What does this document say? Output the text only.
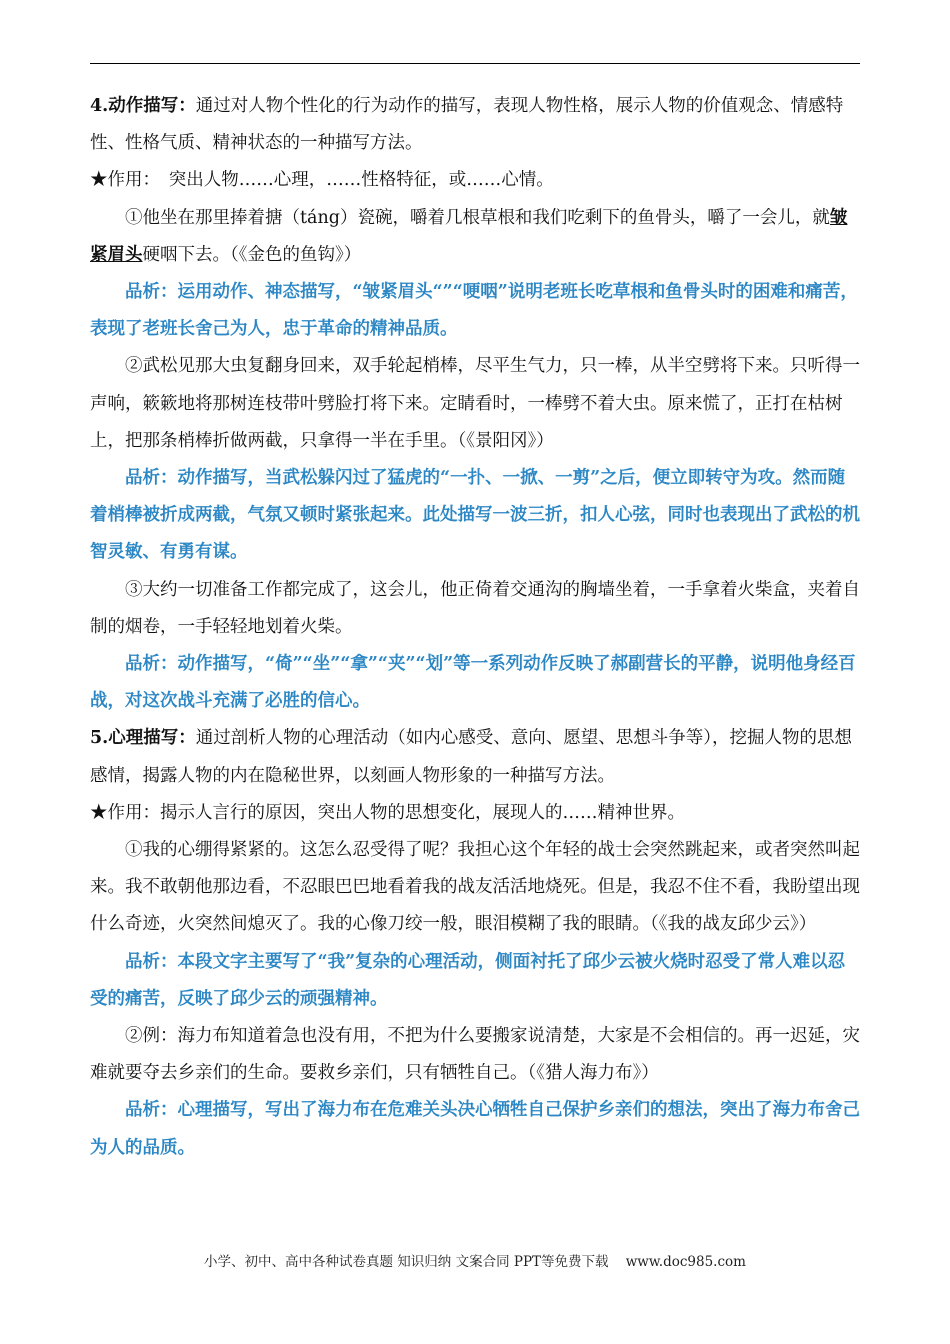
4.动作描写：通过对人物个性化的行为动作的描写，表现人物性格，展示人物的价值观念、情感特性、性格气质、精神状态的一种描写方法。

★作用：　突出人物……心理，……性格特征，或……心情。

①他坐在那里捧着搪（táng）瓷碗，嚼着几根草根和我们吃剩下的鱼骨头，嚼了一会儿，就皱紧眉头硬咽下去。（《金色的鱼钩》）

品析：运用动作、神态描写，“皱紧眉头“”“哽咽”说明老班长吃草根和鱼骨头时的困难和痛苦，表现了老班长舍己为人，忠于革命的精神品质。

②武松见那大虫复翻身回来，双手轮起梢棒，尽平生气力，只一棒，从半空劈将下来。只听得一声响，簌簌地将那树连枝带叶劈脸打将下来。定睛看时，一棒劈不着大虫。原来慌了，正打在枯树上，把那条梢棒折做两截，只拿得一半在手里。（《景阳冈》）

品析：动作描写，当武松躲闪过了猛虎的“一扑、一掀、一剪”之后，便立即转守为攻。然而随着梢棒被折成两截，气氛又顿时紧张起来。此处描写一波三折，扣人心弦，同时也表现出了武松的机智灵敏、有勇有谋。

③大约一切准备工作都完成了，这会儿，他正倚着交通沟的胸墙坐着，一手拿着火柴盒，夹着自制的烟卷，一手轻轻地划着火柴。

品析：动作描写，“倚”“坐”“拿”“夹”“划”等一系列动作反映了郝副营长的平静，说明他身经百战，对这次战斗充满了必胜的信心。

5.心理描写：通过剖析人物的心理活动（如内心感受、意向、愿望、思想斗争等），挖掘人物的思想感情，揭露人物的内在隐秘世界，以刻画人物形象的一种描写方法。

★作用：揭示人言行的原因，突出人物的思想变化，展现人的……精神世界。

①我的心绷得紧紧的。这怎么忍受得了呢？我担心这个年轻的战士会突然跳起来，或者突然叫起来。我不敢朝他那边看，不忍眼巴巴地看着我的战友活活地烧死。但是，我忍不住不看，我盼望出现什么奇迹，火突然间熄灭了。我的心像刀绞一般，眼泪模糊了我的眼睛。（《我的战友邱少云》）

品析：本段文字主要写了“我”复杂的心理活动，侧面衬托了邱少云被火烧时忍受了常人难以忍受的痛苦，反映了邱少云的顽强精神。

②例：海力布知道着急也没有用，不把为什么要搬家说清楚，大家是不会相信的。再一迟延，灾难就要夺去乡亲们的生命。要救乡亲们，只有牺牲自己。（《猎人海力布》）

品析：心理描写，写出了海力布在危难关头决心牺牲自己保护乡亲们的想法，突出了海力布舍己为人的品质。

小学、初中、高中各种试卷真题 知识归纳 文案合同 PPT等免费下载    www.doc985.com
